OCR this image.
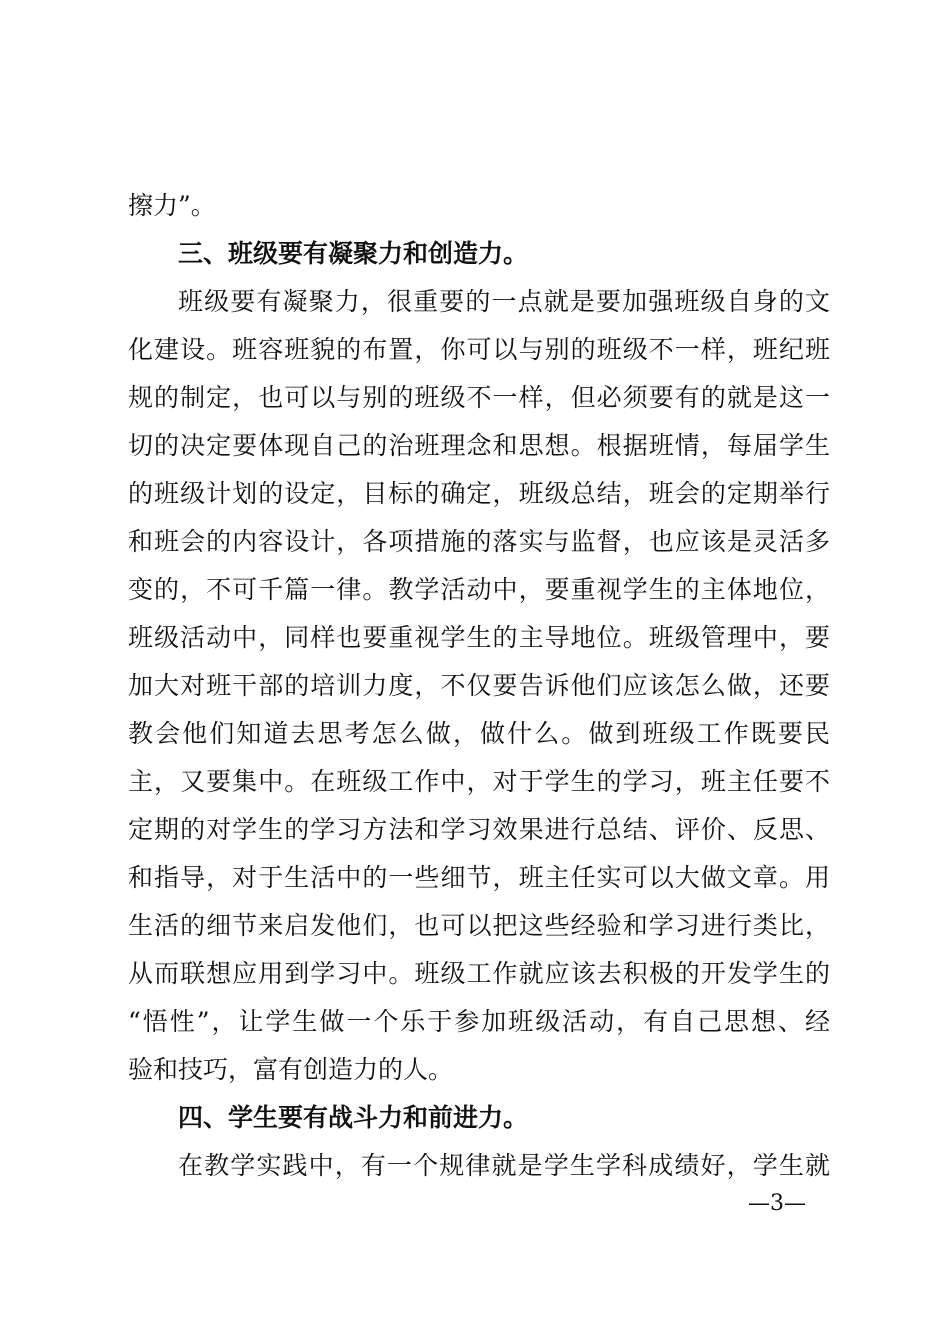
擦力”。
三、班级要有凝聚力和创造力。
班级要有凝聚力，很重要的一点就是要加强班级自身的文
化建设。班容班貌的布置，你可以与别的班级不一样，班纪班
规的制定，也可以与别的班级不一样，但必须要有的就是这一
切的决定要体现自己的治班理念和思想。根据班情，每届学生
的班级计划的设定，目标的确定，班级总结，班会的定期举行
和班会的内容设计，各项措施的落实与监督，也应该是灵活多
变的，不可千篇一律。教学活动中，要重视学生的主体地位，
班级活动中，同样也要重视学生的主导地位。班级管理中，要
加大对班干部的培训力度，不仅要告诉他们应该怎么做，还要
教会他们知道去思考怎么做，做什么。做到班级工作既要民
主，又要集中。在班级工作中，对于学生的学习，班主任要不
定期的对学生的学习方法和学习效果进行总结、评价、反思、
和指导，对于生活中的一些细节，班主任实可以大做文章。用
生活的细节来启发他们，也可以把这些经验和学习进行类比，
从而联想应用到学习中。班级工作就应该去积极的开发学生的
“悟性”，让学生做一个乐于参加班级活动，有自己思想、经
验和技巧，富有创造力的人。
四、学生要有战斗力和前进力。
在教学实践中，有一个规律就是学生学科成绩好，学生就
—3—
